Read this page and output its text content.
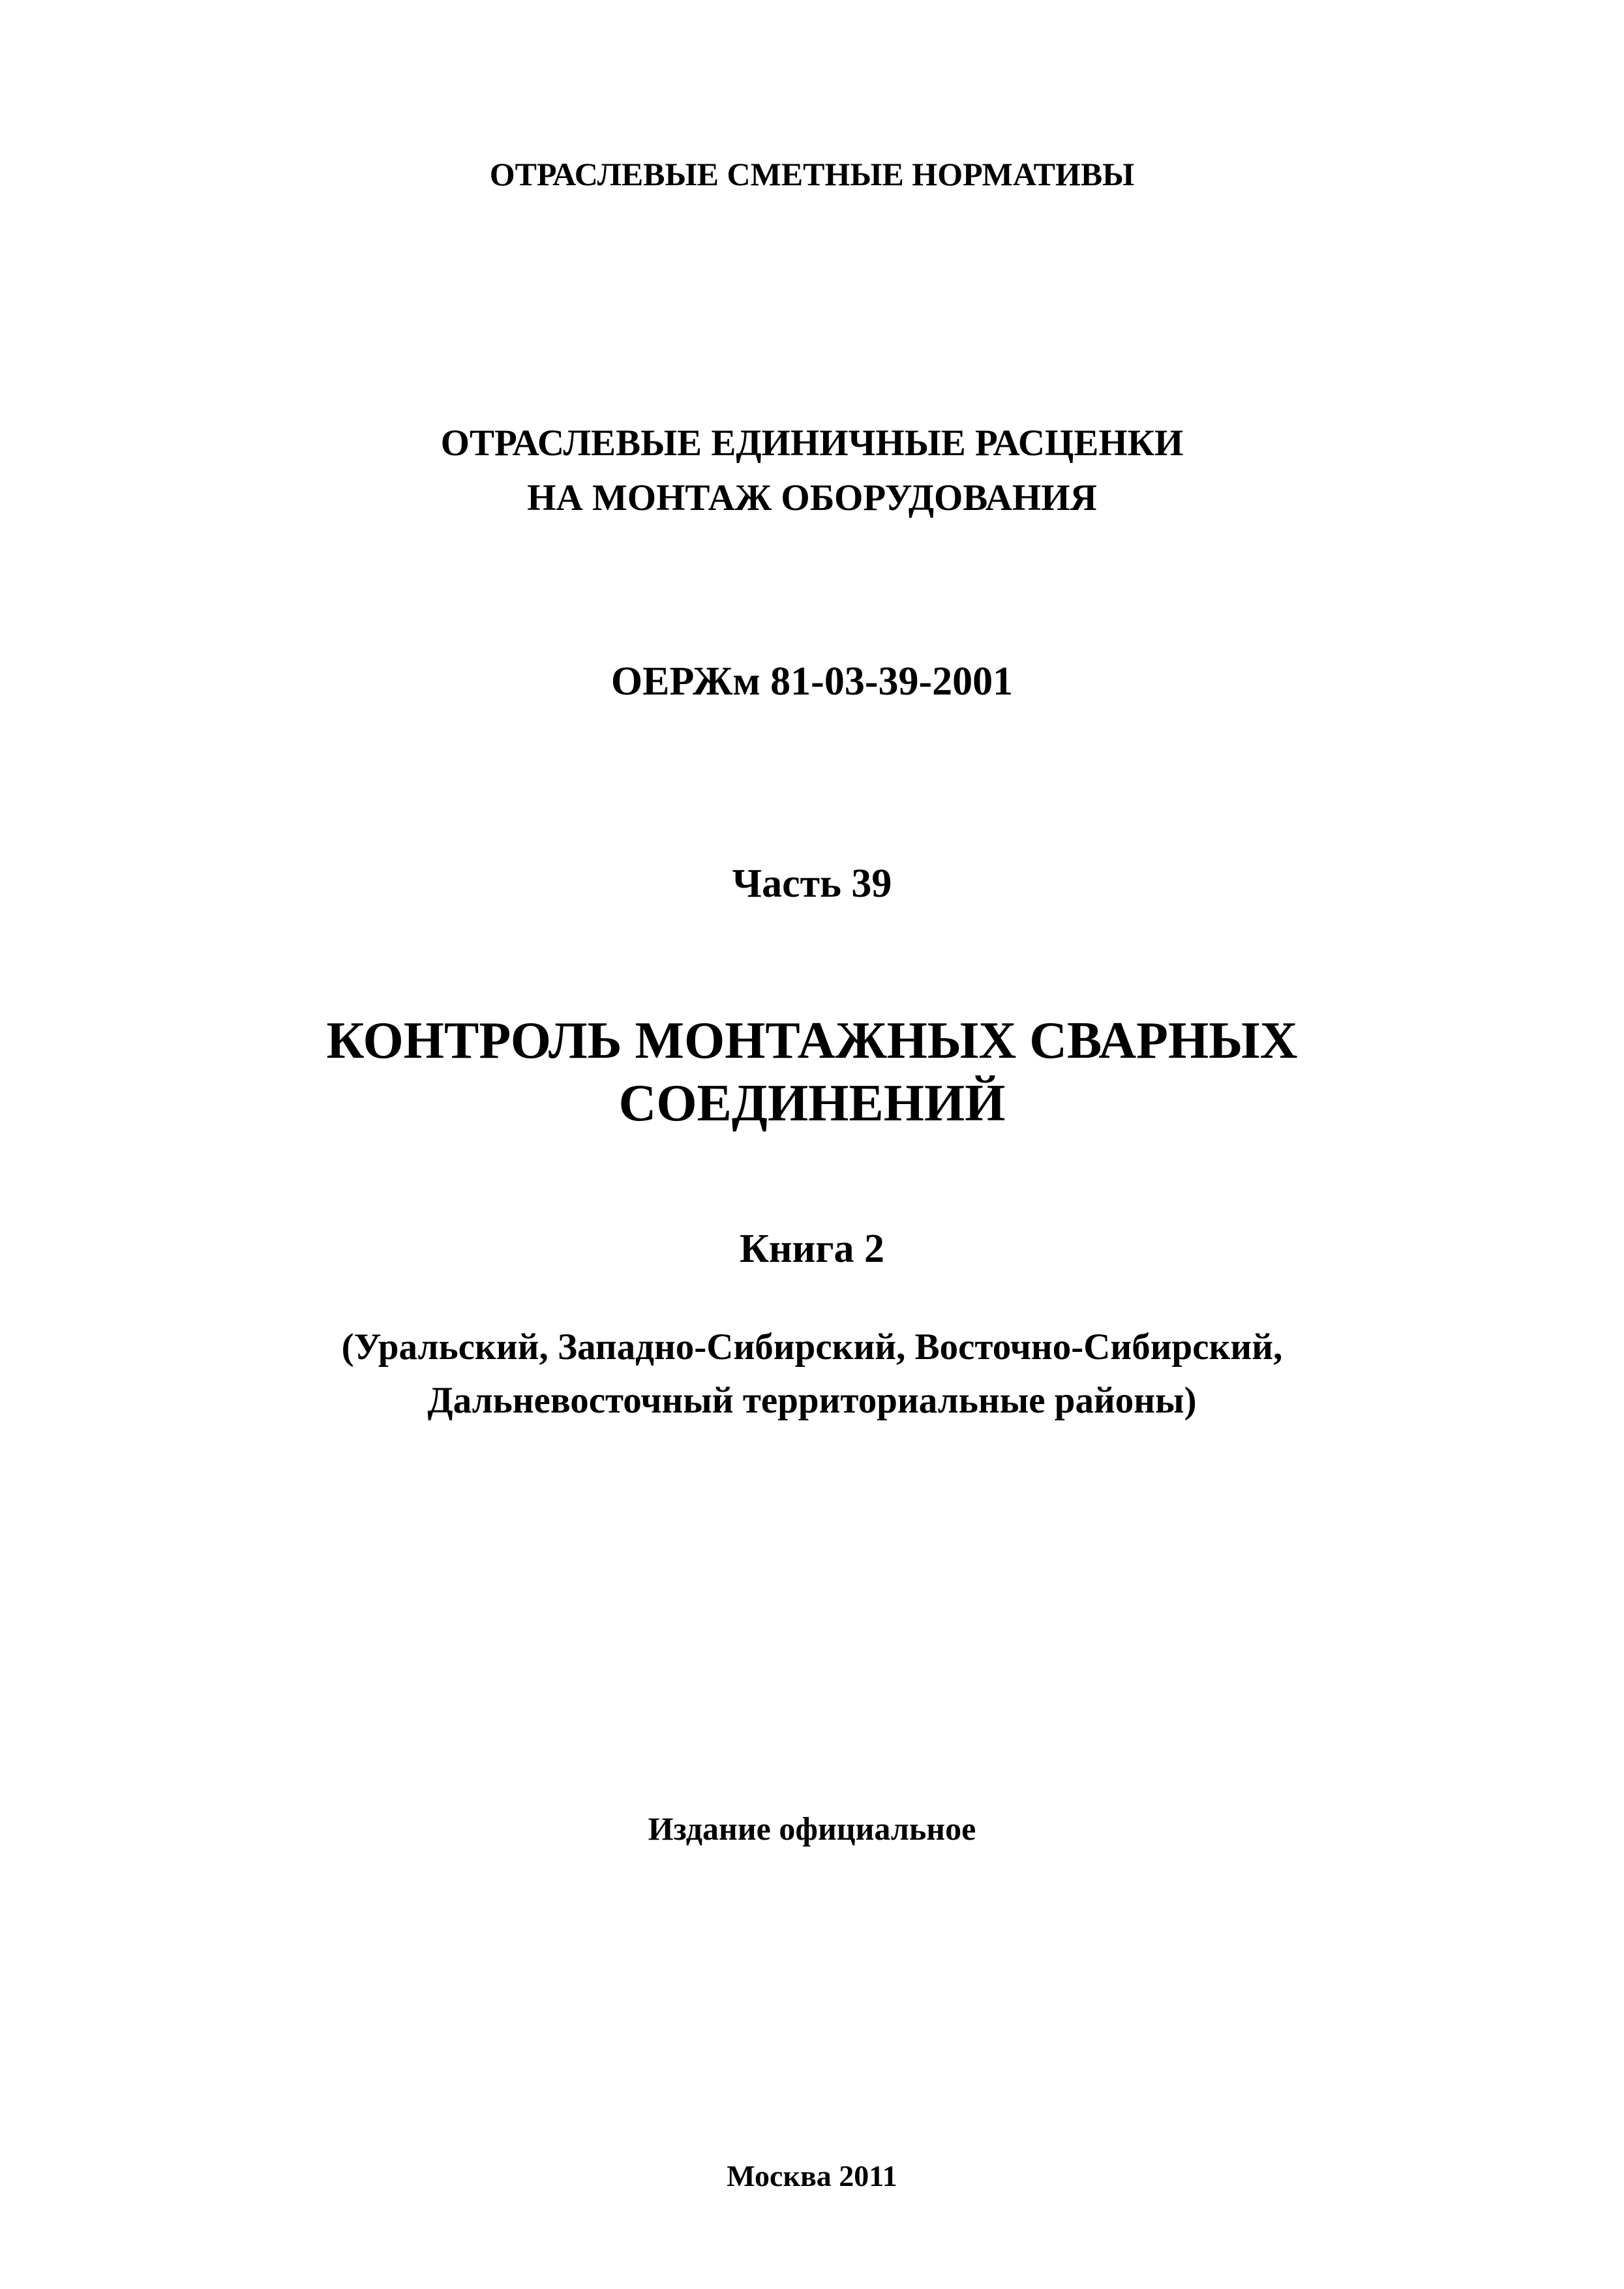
ОТРАСЛЕВЫЕ СМЕТНЫЕ НОРМАТИВЫ
ОТРАСЛЕВЫЕ ЕДИНИЧНЫЕ РАСЦЕНКИ
НА МОНТАЖ ОБОРУДОВАНИЯ
ОЕРЖм 81-03-39-2001
Часть 39
КОНТРОЛЬ МОНТАЖНЫХ СВАРНЫХ
СОЕДИНЕНИЙ
Книга 2
(Уральский, Западно-Сибирский, Восточно-Сибирский,
Дальневосточный территориальные районы)
Издание официальное
Москва 2011
